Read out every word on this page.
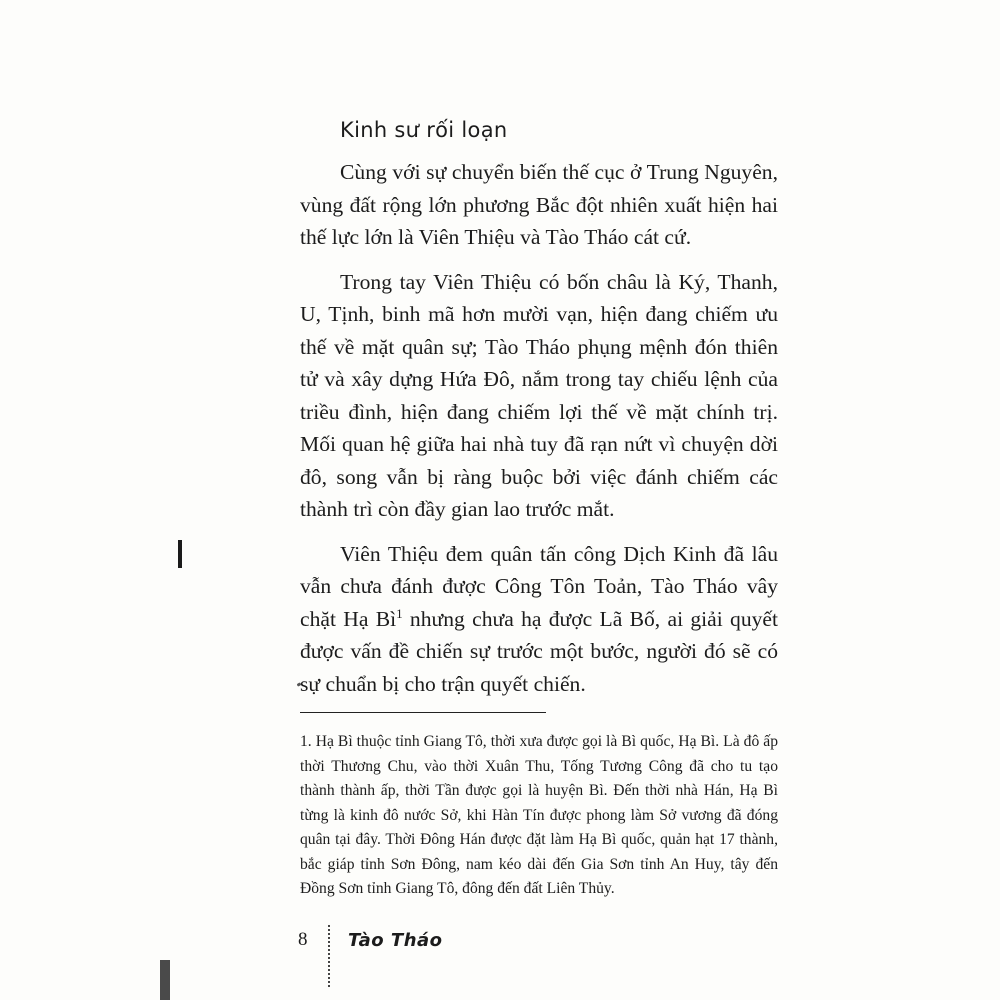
Kinh sư rối loạn

Cùng với sự chuyển biến thế cục ở Trung Nguyên, vùng đất rộng lớn phương Bắc đột nhiên xuất hiện hai thế lực lớn là Viên Thiệu và Tào Tháo cát cứ.

Trong tay Viên Thiệu có bốn châu là Ký, Thanh, U, Tịnh, binh mã hơn mười vạn, hiện đang chiếm ưu thế về mặt quân sự; Tào Tháo phụng mệnh đón thiên tử và xây dựng Hứa Đô, nắm trong tay chiếu lệnh của triều đình, hiện đang chiếm lợi thế về mặt chính trị. Mối quan hệ giữa hai nhà tuy đã rạn nứt vì chuyện dời đô, song vẫn bị ràng buộc bởi việc đánh chiếm các thành trì còn đầy gian lao trước mắt.

Viên Thiệu đem quân tấn công Dịch Kinh đã lâu vẫn chưa đánh được Công Tôn Toản, Tào Tháo vây chặt Hạ $Bì^1$ nhưng chưa hạ được Lã Bố, ai giải quyết được vấn đề chiến sự trước một bước, người đó sẽ có sự chuẩn bị cho trận quyết chiến.

1. Hạ Bì thuộc tỉnh Giang Tô, thời xưa được gọi là Bì quốc, Hạ Bì. Là đô ấp thời Thương Chu, vào thời Xuân Thu, Tống Tương Công đã cho tu tạo thành thành ấp, thời Tần được gọi là huyện Bì. Đến thời nhà Hán, Hạ Bì từng là kinh đô nước Sở, khi Hàn Tín được phong làm Sở vương đã đóng quân tại đây. Thời Đông Hán được đặt làm Hạ Bì quốc, quản hạt 17 thành, bắc giáp tỉnh Sơn Đông, nam kéo dài đến Gia Sơn tỉnh An Huy, tây đến Đồng Sơn tỉnh Giang Tô, đông đến đất Liên Thủy.

8 Tào Tháo
